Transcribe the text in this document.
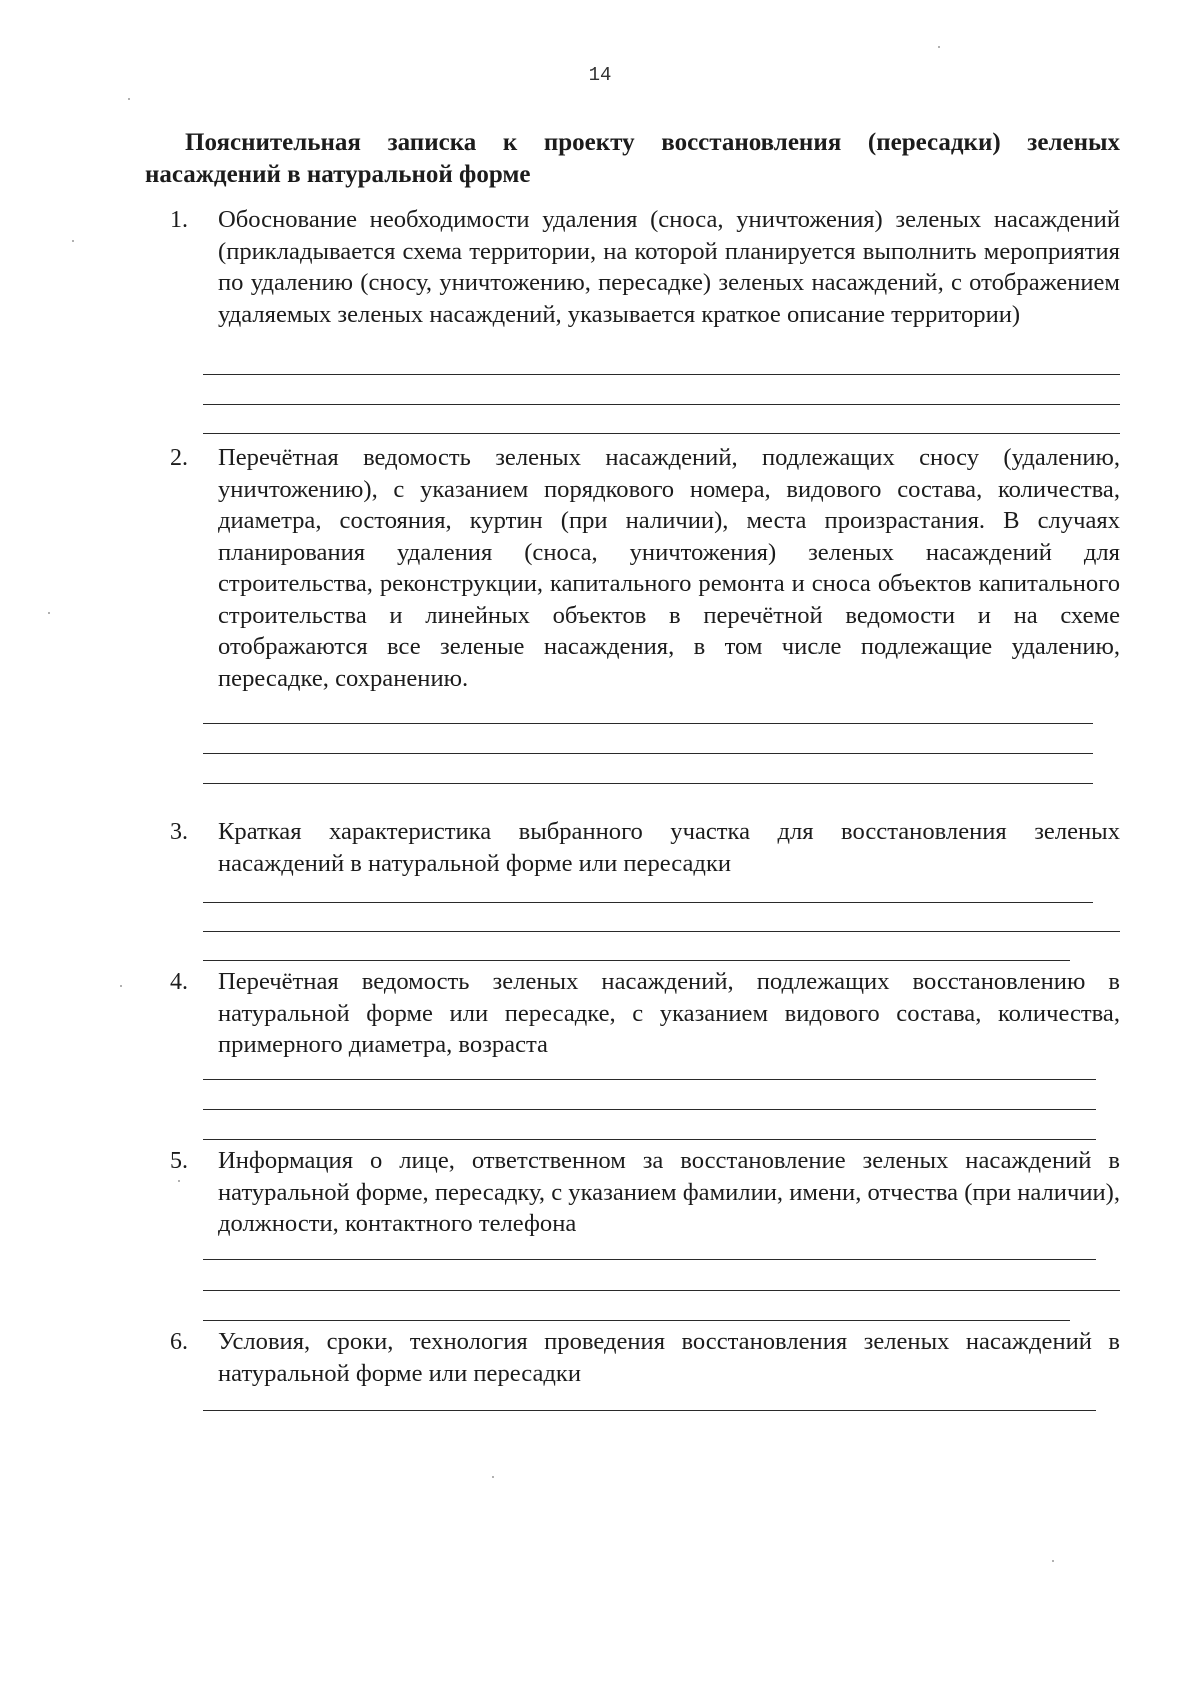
14
Пояснительная записка к проекту восстановления (пересадки) зеленых насаждений в натуральной форме
1.	Обоснование необходимости удаления (сноса, уничтожения) зеленых насаждений (прикладывается схема территории, на которой планируется выполнить мероприятия по удалению (сносу, уничтожению, пересадке) зеленых насаждений, с отображением удаляемых зеленых насаждений, указывается краткое описание территории)

2.	Перечётная ведомость зеленых насаждений, подлежащих сносу (удалению, уничтожению), с указанием порядкового номера, видового состава, количества, диаметра, состояния, куртин (при наличии), места произрастания. В случаях планирования удаления (сноса, уничтожения) зеленых насаждений для строительства, реконструкции, капитального ремонта и сноса объектов капитального строительства и линейных объектов в перечётной ведомости и на схеме отображаются все зеленые насаждения, в том числе подлежащие удалению, пересадке, сохранению.

3.	Краткая характеристика выбранного участка для восстановления зеленых насаждений в натуральной форме или пересадки

4.	Перечётная ведомость зеленых насаждений, подлежащих восстановлению в натуральной форме или пересадке, с указанием видового состава, количества, примерного диаметра, возраста

5.	Информация о лице, ответственном за восстановление зеленых насаждений в натуральной форме, пересадку, с указанием фамилии, имени, отчества (при наличии), должности, контактного телефона

6.	Условия, сроки, технология проведения восстановления зеленых насаждений в натуральной форме или пересадки
